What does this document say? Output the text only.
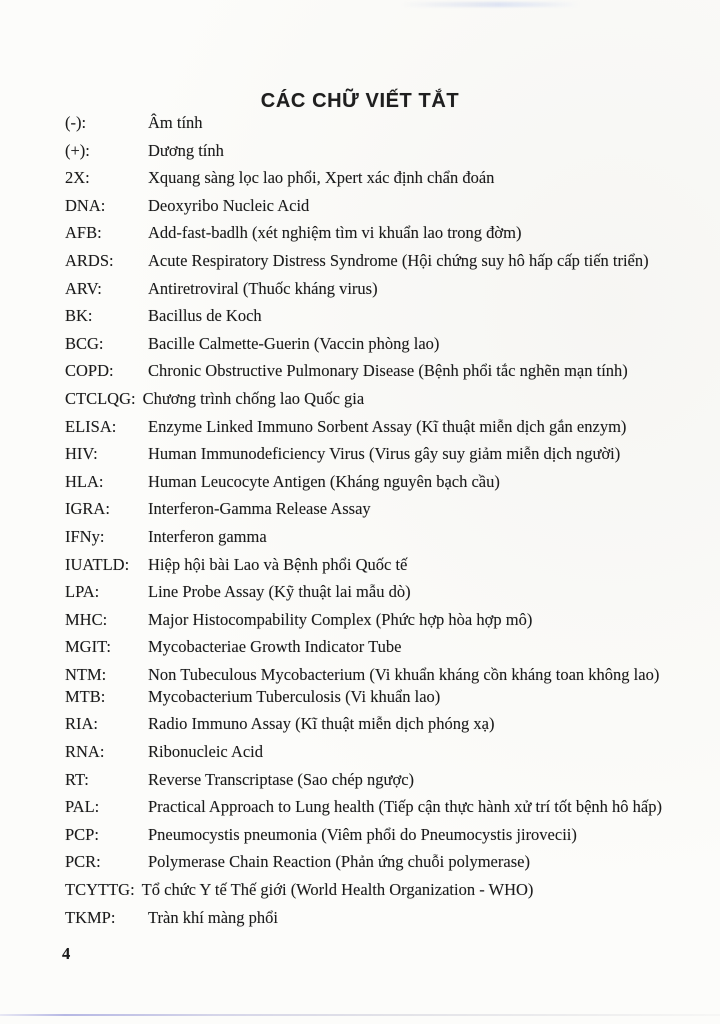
CÁC CHỮ VIẾT TẮT
(-):	Âm tính
(+):	Dương tính
2X:	Xquang sàng lọc lao phổi, Xpert xác định chẩn đoán
DNA:	Deoxyribo Nucleic Acid
AFB:	Add-fast-badlh (xét nghiệm tìm vi khuẩn lao trong đờm)
ARDS:	Acute Respiratory Distress Syndrome (Hội chứng suy hô hấp cấp tiến triển)
ARV:	Antiretroviral (Thuốc kháng virus)
BK:	Bacillus de Koch
BCG:	Bacille Calmette-Guerin (Vaccin phòng lao)
COPD:	Chronic Obstructive Pulmonary Disease (Bệnh phổi tắc nghẽn mạn tính)
CTCLQG: Chương trình chống lao Quốc gia
ELISA:	Enzyme Linked Immuno Sorbent Assay (Kĩ thuật miễn dịch gắn enzym)
HIV:	Human Immunodeficiency Virus (Virus gây suy giảm miễn dịch người)
HLA:	Human Leucocyte Antigen (Kháng nguyên bạch cầu)
IGRA:	Interferon-Gamma Release Assay
IFNy:	Interferon gamma
IUATLD:	Hiệp hội bài Lao và Bệnh phổi Quốc tế
LPA:	Line Probe Assay (Kỹ thuật lai mẫu dò)
MHC:	Major Histocompability Complex (Phức hợp hòa hợp mô)
MGIT:	Mycobacteriae Growth Indicator Tube
NTM:	Non Tubeculous Mycobacterium (Vi khuẩn kháng cồn kháng toan không lao)
MTB:	Mycobacterium Tuberculosis (Vi khuẩn lao)
RIA:	Radio Immuno Assay (Kĩ thuật miễn dịch phóng xạ)
RNA:	Ribonucleic Acid
RT:	Reverse Transcriptase (Sao chép ngược)
PAL:	Practical Approach to Lung health (Tiếp cận thực hành xử trí tốt bệnh hô hấp)
PCP:	Pneumocystis pneumonia (Viêm phổi do Pneumocystis jirovecii)
PCR:	Polymerase Chain Reaction (Phản ứng chuỗi polymerase)
TCYTTG: Tổ chức Y tế Thế giới (World Health Organization - WHO)
TKMP:	Tràn khí màng phổi
4
